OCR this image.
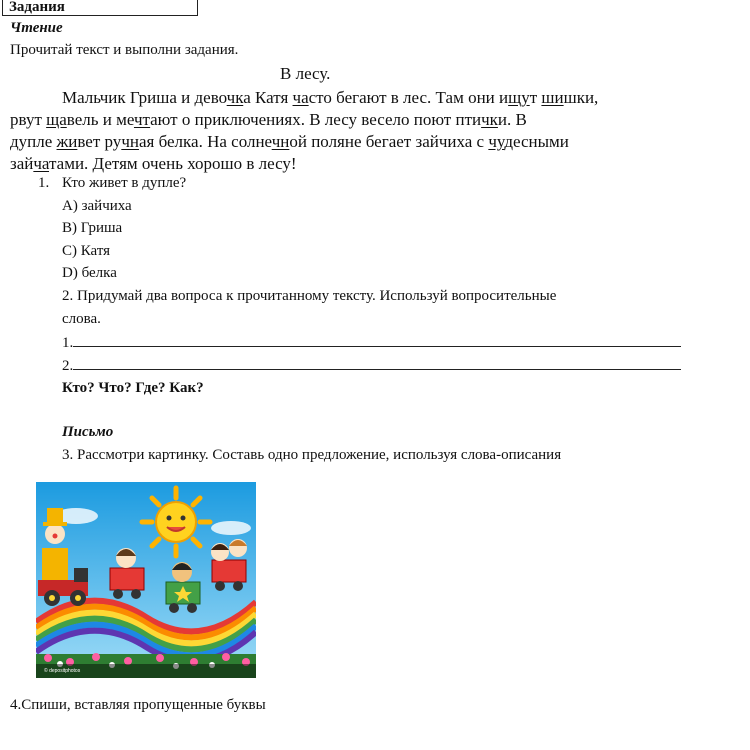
Задания
Чтение
Прочитай текст и выполни задания.
В лесу.
Мальчик Гриша и девочка Катя часто бегают в лес. Там они ищут шишки,
рвут щавель и мечтают о приключениях. В лесу весело поют птички. В
дупле живет ручная белка. На солнечной поляне бегает зайчиха с чудесными
зайчатами. Детям очень хорошо в лесу!
1. Кто живет в дупле?
А) зайчиха
В) Гриша
С) Катя
D) белка
2. Придумай два вопроса к прочитанному тексту. Используй вопросительные
слова.
1.
2.
Кто? Что? Где? Как?
Письмо
3. Рассмотри картинку. Составь одно предложение, используя слова-описания
© depositphotos
4.Спиши, вставляя пропущенные буквы
